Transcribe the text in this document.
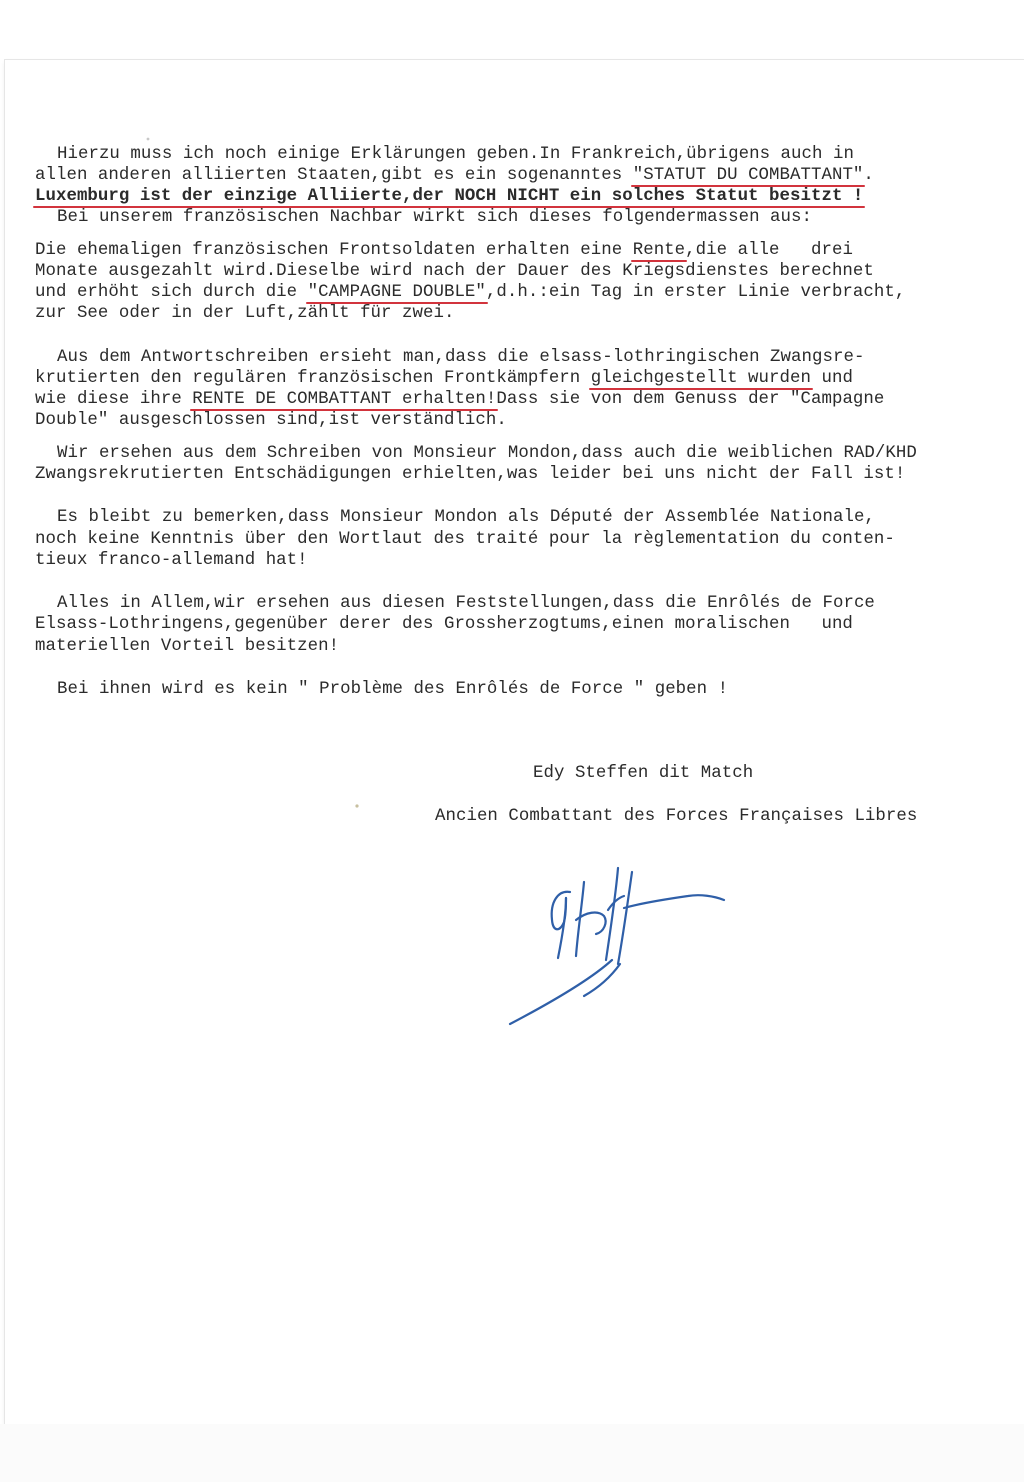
Hierzu muss ich noch einige Erklärungen geben.In Frankreich,übrigens auch in
allen anderen alliierten Staaten,gibt es ein sogenanntes "STATUT DU COMBATTANT".
Luxemburg ist der einzige Alliierte,der NOCH NICHT ein solches Statut besitzt !
Bei unserem französischen Nachbar wirkt sich dieses folgendermassen aus:
Die ehemaligen französischen Frontsoldaten erhalten eine Rente,die alle   drei
Monate ausgezahlt wird.Dieselbe wird nach der Dauer des Kriegsdienstes berechnet
und erhöht sich durch die "CAMPAGNE DOUBLE",d.h.:ein Tag in erster Linie verbracht,
zur See oder in der Luft,zählt für zwei.
Aus dem Antwortschreiben ersieht man,dass die elsass-lothringischen Zwangsre-
krutierten den regulären französischen Frontkämpfern gleichgestellt wurden und
wie diese ihre RENTE DE COMBATTANT erhalten!Dass sie von dem Genuss der "Campagne
Double" ausgeschlossen sind,ist verständlich.
Wir ersehen aus dem Schreiben von Monsieur Mondon,dass auch die weiblichen RAD/KHD
Zwangsrekrutierten Entschädigungen erhielten,was leider bei uns nicht der Fall ist!
Es bleibt zu bemerken,dass Monsieur Mondon als Député der Assemblée Nationale,
noch keine Kenntnis über den Wortlaut des traité pour la règlementation du conten-
tieux franco-allemand hat!
Alles in Allem,wir ersehen aus diesen Feststellungen,dass die Enrôlés de Force
Elsass-Lothringens,gegenüber derer des Grossherzogtums,einen moralischen   und
materiellen Vorteil besitzen!
Bei ihnen wird es kein " Problème des Enrôlés de Force " geben !
Edy Steffen dit Match
Ancien Combattant des Forces Françaises Libres
